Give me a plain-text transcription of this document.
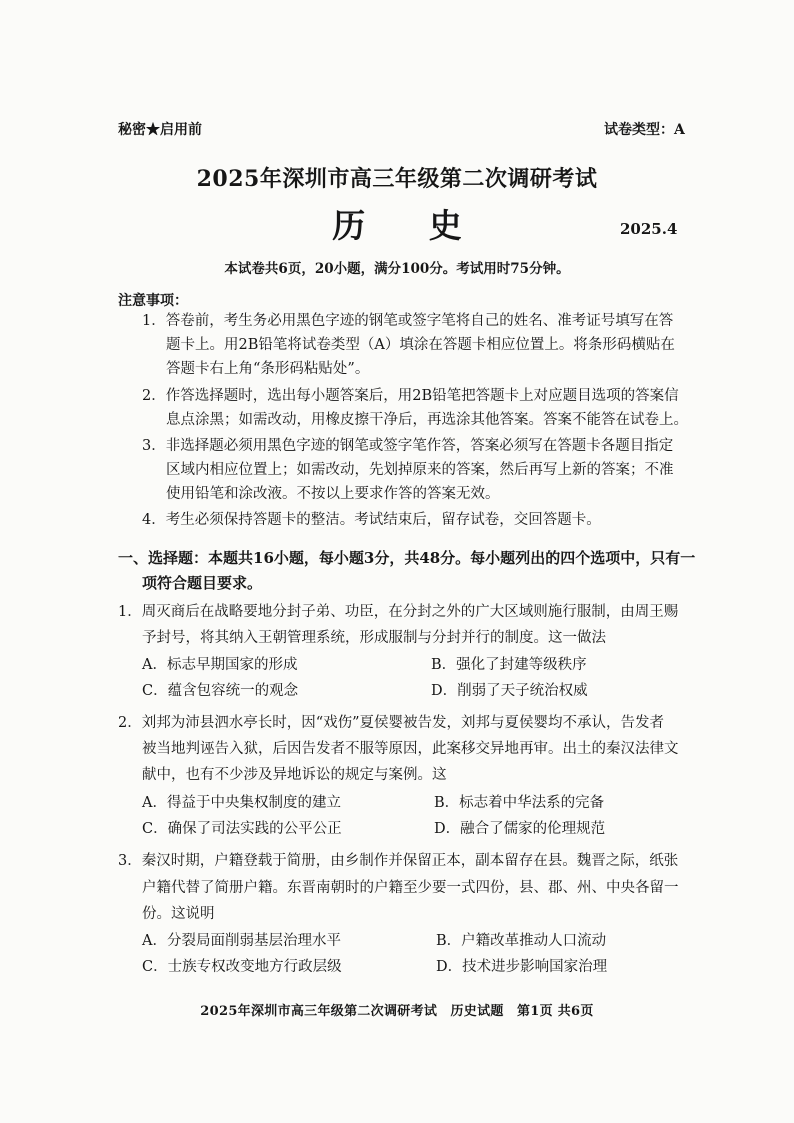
秘密★启用前	试卷类型：A
2025年深圳市高三年级第二次调研考试
历 史	2025.4
本试卷共6页，20小题，满分100分。考试用时75分钟。
注意事项：
1．答卷前，考生务必用黑色字迹的钢笔或签字笔将自己的姓名、准考证号填写在答
题卡上。用2B铅笔将试卷类型（A）填涂在答题卡相应位置上。将条形码横贴在
答题卡右上角“条形码粘贴处”。
2．作答选择题时，选出每小题答案后，用2B铅笔把答题卡上对应题目选项的答案信
息点涂黑；如需改动，用橡皮擦干净后，再选涂其他答案。答案不能答在试卷上。
3．非选择题必须用黑色字迹的钢笔或签字笔作答，答案必须写在答题卡各题目指定
区域内相应位置上；如需改动，先划掉原来的答案，然后再写上新的答案；不准
使用铅笔和涂改液。不按以上要求作答的答案无效。
4．考生必须保持答题卡的整洁。考试结束后，留存试卷，交回答题卡。
一、选择题：本题共16小题，每小题3分，共48分。每小题列出的四个选项中，只有一
项符合题目要求。
1．周灭商后在战略要地分封子弟、功臣，在分封之外的广大区域则施行服制，由周王赐
予封号，将其纳入王朝管理系统，形成服制与分封并行的制度。这一做法
A．标志早期国家的形成	B．强化了封建等级秩序
C．蕴含包容统一的观念	D．削弱了天子统治权威
2．刘邦为沛县泗水亭长时，因“戏伤”夏侯婴被告发，刘邦与夏侯婴均不承认，告发者
被当地判诬告入狱，后因告发者不服等原因，此案移交异地再审。出土的秦汉法律文
献中，也有不少涉及异地诉讼的规定与案例。这
A．得益于中央集权制度的建立	B．标志着中华法系的完备
C．确保了司法实践的公平公正	D．融合了儒家的伦理规范
3．秦汉时期，户籍登载于简册，由乡制作并保留正本，副本留存在县。魏晋之际，纸张
户籍代替了简册户籍。东晋南朝时的户籍至少要一式四份，县、郡、州、中央各留一
份。这说明
A．分裂局面削弱基层治理水平	B．户籍改革推动人口流动
C．士族专权改变地方行政层级	D．技术进步影响国家治理
2025年深圳市高三年级第二次调研考试　历史试题　第1页 共6页
